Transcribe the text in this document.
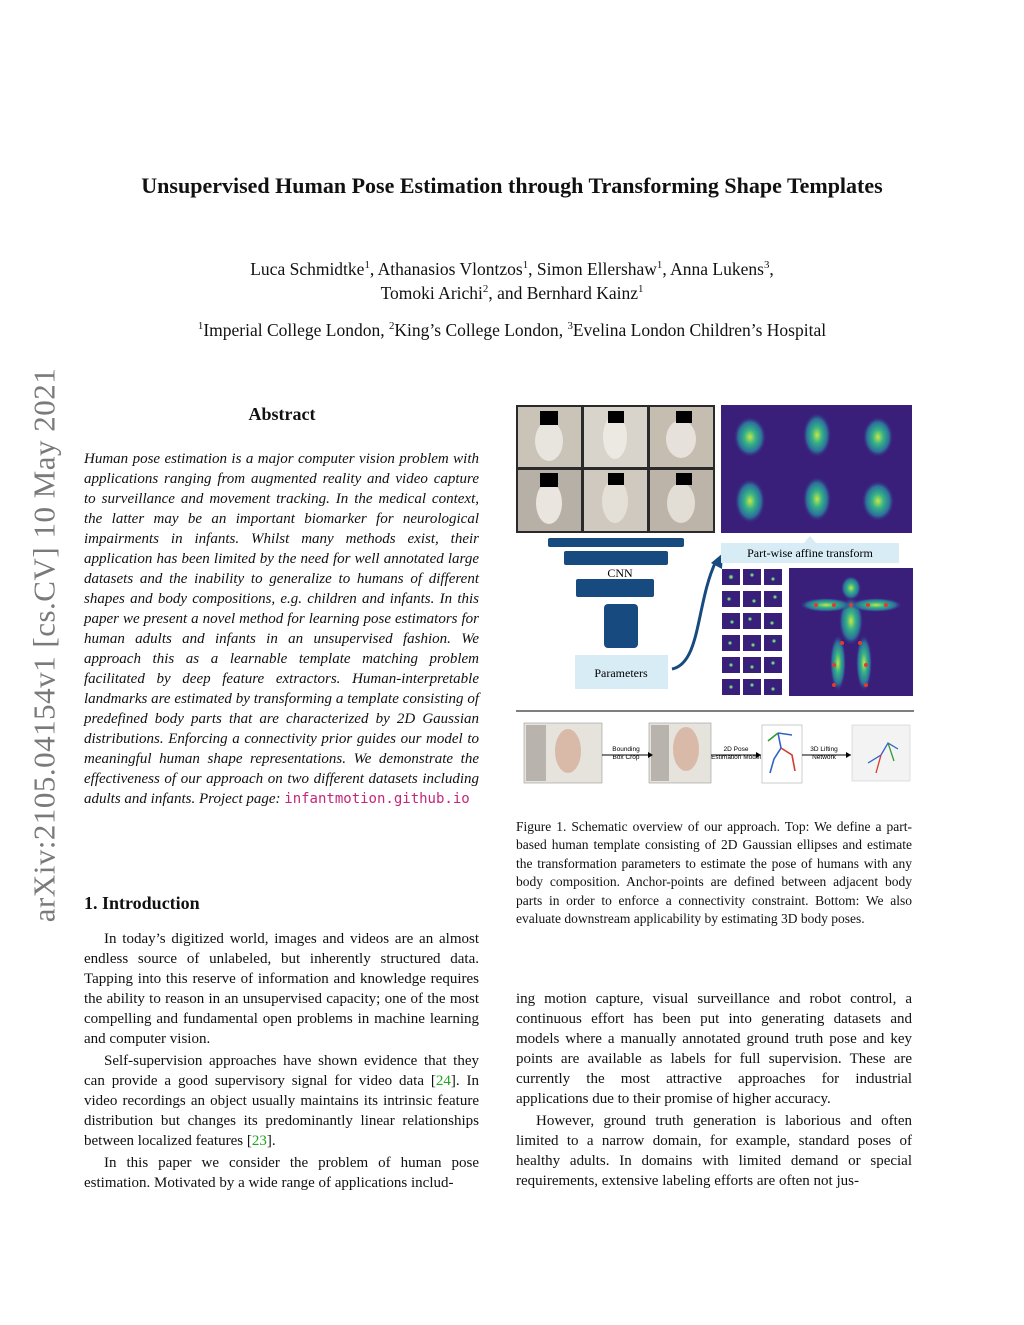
arXiv:2105.04154v1 [cs.CV] 10 May 2021
Unsupervised Human Pose Estimation through Transforming Shape Templates
Luca Schmidtke$^1$, Athanasios Vlontzos$^1$, Simon Ellershaw$^1$, Anna Lukens$^3$,
Tomoki Arichi$^2$, and Bernhard Kainz$^1$
$^1$Imperial College London, $^2$King’s College London, $^3$Evelina London Children’s Hospital
Abstract
Human pose estimation is a major computer vision problem with applications ranging from augmented reality and video capture to surveillance and movement tracking. In the medical context, the latter may be an important biomarker for neurological impairments in infants. Whilst many methods exist, their application has been limited by the need for well annotated large datasets and the inability to generalize to humans of different shapes and body compositions, e.g. children and infants. In this paper we present a novel method for learning pose estimators for human adults and infants in an unsupervised fashion. We approach this as a learnable template matching problem facilitated by deep feature extractors. Human-interpretable landmarks are estimated by transforming a template consisting of predefined body parts that are characterized by 2D Gaussian distributions. Enforcing a connectivity prior guides our model to meaningful human shape representations. We demonstrate the effectiveness of our approach on two different datasets including adults and infants. Project page: infantmotion.github.io
1. Introduction

In today’s digitized world, images and videos are an almost endless source of unlabeled, but inherently structured data. Tapping into this reserve of information and knowledge requires the ability to reason in an unsupervised capacity; one of the most compelling and fundamental open problems in machine learning and computer vision.

Self-supervision approaches have shown evidence that they can provide a good supervisory signal for video data [24]. In video recordings an object usually maintains its intrinsic feature distribution but changes its predominantly linear relationships between localized features [23].

In this paper we consider the problem of human pose estimation. Motivated by a wide range of applications includ-

CNN
Parameters
Part-wise affine transform
Bounding
Box Crop
2D Pose
Estimation Model
3D Lifting
Network
Figure 1. Schematic overview of our approach. Top: We define a part-based human template consisting of 2D Gaussian ellipses and estimate the transformation parameters to estimate the pose of humans with any body composition. Anchor-points are defined between adjacent body parts in order to enforce a connectivity constraint. Bottom: We also evaluate downstream applicability by estimating 3D body poses.

ing motion capture, visual surveillance and robot control, a continuous effort has been put into generating datasets and models where a manually annotated ground truth pose and key points are available as labels for full supervision. These are currently the most attractive approaches for industrial applications due to their promise of higher accuracy.

However, ground truth generation is laborious and often limited to a narrow domain, for example, standard poses of healthy adults. In domains with limited demand or special requirements, extensive labeling efforts are often not jus-
